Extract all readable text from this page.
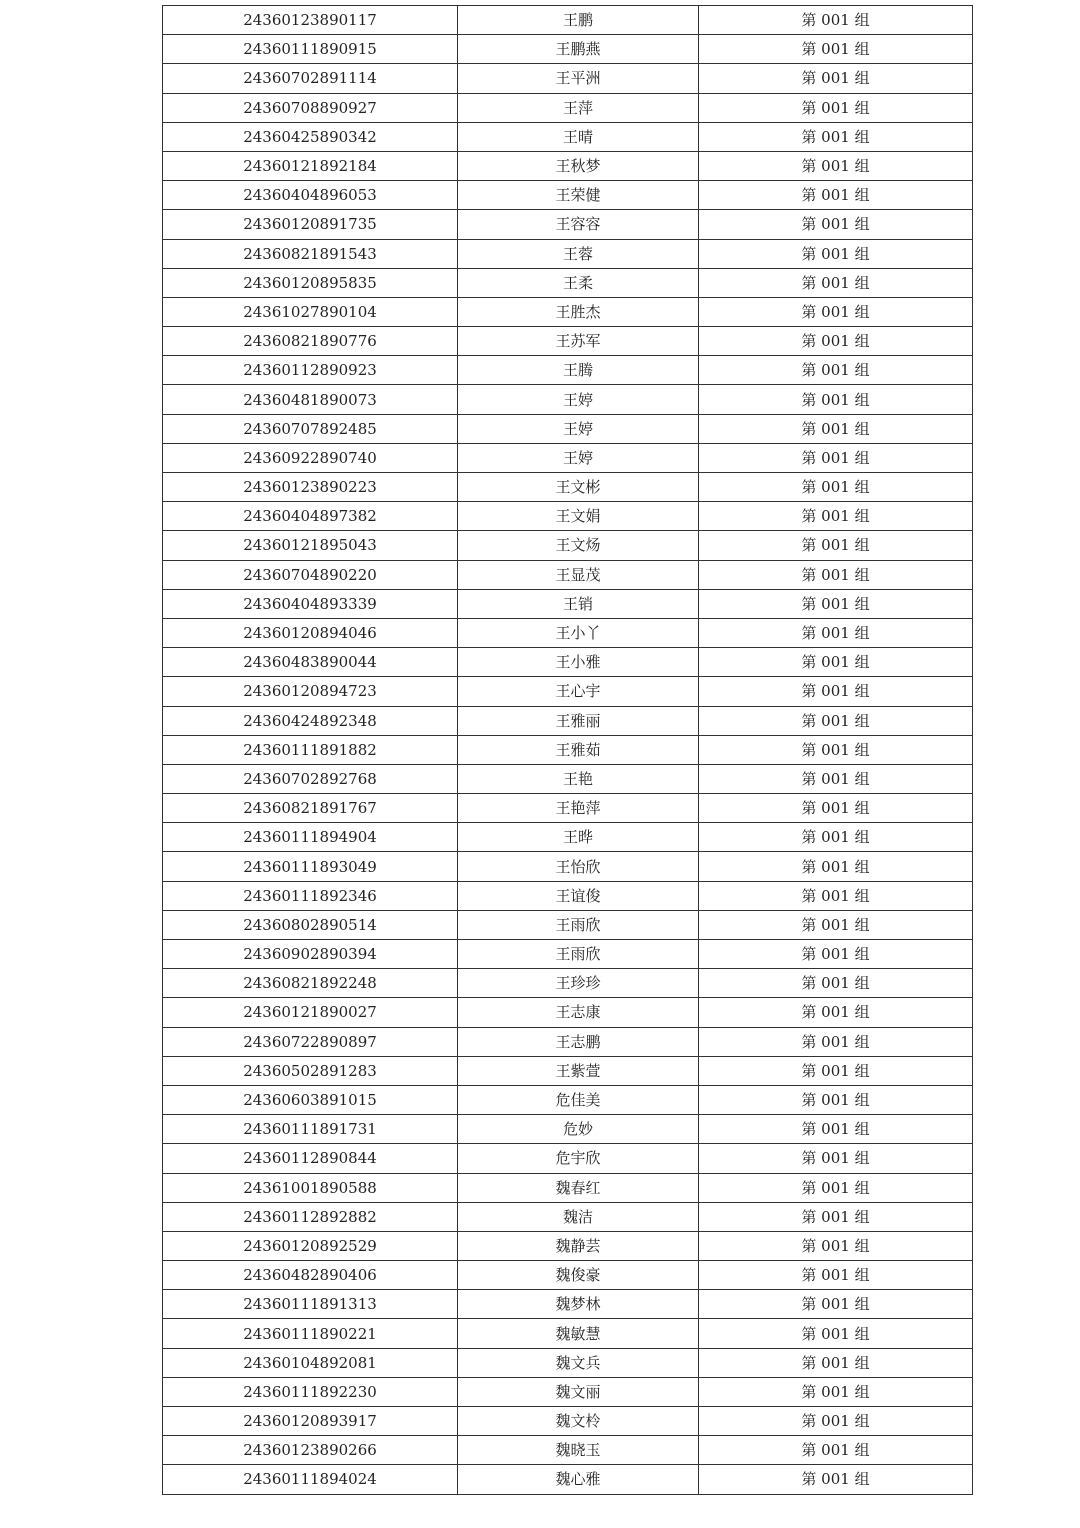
24360123890117	王鹏	第 001 组
24360111890915	王鹏燕	第 001 组
24360702891114	王平洲	第 001 组
24360708890927	王萍	第 001 组
24360425890342	王晴	第 001 组
24360121892184	王秋梦	第 001 组
24360404896053	王荣健	第 001 组
24360120891735	王容容	第 001 组
24360821891543	王蓉	第 001 组
24360120895835	王柔	第 001 组
24361027890104	王胜杰	第 001 组
24360821890776	王苏军	第 001 组
24360112890923	王腾	第 001 组
24360481890073	王婷	第 001 组
24360707892485	王婷	第 001 组
24360922890740	王婷	第 001 组
24360123890223	王文彬	第 001 组
24360404897382	王文娟	第 001 组
24360121895043	王文炀	第 001 组
24360704890220	王显茂	第 001 组
24360404893339	王销	第 001 组
24360120894046	王小丫	第 001 组
24360483890044	王小雅	第 001 组
24360120894723	王心宇	第 001 组
24360424892348	王雅丽	第 001 组
24360111891882	王雅茹	第 001 组
24360702892768	王艳	第 001 组
24360821891767	王艳萍	第 001 组
24360111894904	王晔	第 001 组
24360111893049	王怡欣	第 001 组
24360111892346	王谊俊	第 001 组
24360802890514	王雨欣	第 001 组
24360902890394	王雨欣	第 001 组
24360821892248	王珍珍	第 001 组
24360121890027	王志康	第 001 组
24360722890897	王志鹏	第 001 组
24360502891283	王紫萱	第 001 组
24360603891015	危佳美	第 001 组
24360111891731	危妙	第 001 组
24360112890844	危宇欣	第 001 组
24361001890588	魏春红	第 001 组
24360112892882	魏洁	第 001 组
24360120892529	魏静芸	第 001 组
24360482890406	魏俊豪	第 001 组
24360111891313	魏梦林	第 001 组
24360111890221	魏敏慧	第 001 组
24360104892081	魏文兵	第 001 组
24360111892230	魏文丽	第 001 组
24360120893917	魏文柃	第 001 组
24360123890266	魏晓玉	第 001 组
24360111894024	魏心雅	第 001 组
